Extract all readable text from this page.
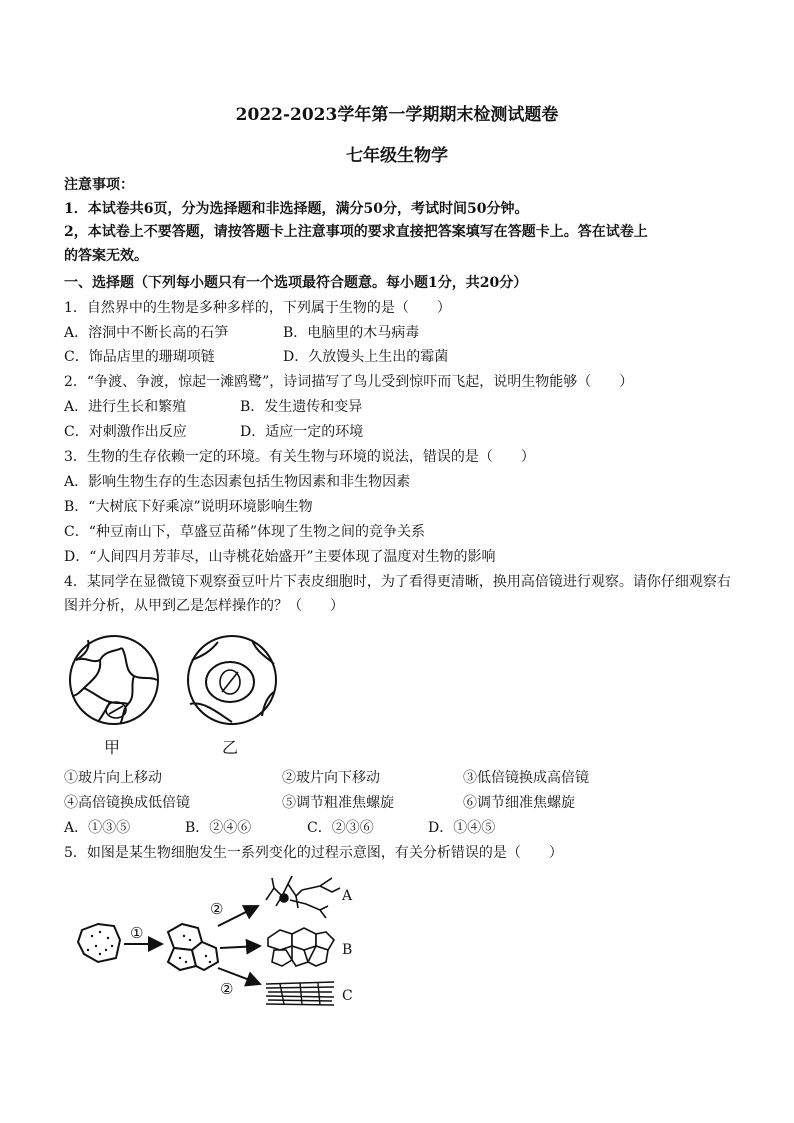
2022-2023学年第一学期期末检测试题卷
七年级生物学
注意事项：
1．本试卷共6页，分为选择题和非选择题，满分50分，考试时间50分钟。
2，本试卷上不要答题，请按答题卡上注意事项的要求直接把答案填写在答题卡上。答在试卷上
的答案无效。
一、选择题（下列每小题只有一个选项最符合题意。每小题1分，共20分）
1．自然界中的生物是多种多样的，下列属于生物的是（　　）
A．溶洞中不断长高的石笋	B．电脑里的木马病毒
C．饰品店里的珊瑚项链	D．久放馒头上生出的霉菌
2．“争渡、争渡，惊起一滩鸥鹭”，诗词描写了鸟儿受到惊吓而飞起，说明生物能够（　　）
A．进行生长和繁殖	B．发生遗传和变异
C．对刺激作出反应	D．适应一定的环境
3．生物的生存依赖一定的环境。有关生物与环境的说法，错误的是（　　）
A．影响生物生存的生态因素包括生物因素和非生物因素
B．“大树底下好乘凉”说明环境影响生物
C．“种豆南山下，草盛豆苗稀”体现了生物之间的竞争关系
D．“人间四月芳菲尽，山寺桃花始盛开”主要体现了温度对生物的影响
4．某同学在显微镜下观察蚕豆叶片下表皮细胞时，为了看得更清晰，换用高倍镜进行观察。请你仔细观察右
图并分析，从甲到乙是怎样操作的？（　　）
甲	乙
①玻片向上移动	②玻片向下移动	③低倍镜换成高倍镜
④高倍镜换成低倍镜	⑤调节粗准焦螺旋	⑥调节细准焦螺旋
A．①③⑤	B．②④⑥	C．②③⑥	D．①④⑤
5．如图是某生物细胞发生一系列变化的过程示意图，有关分析错误的是（　　）
①
②
②
A
B
C
